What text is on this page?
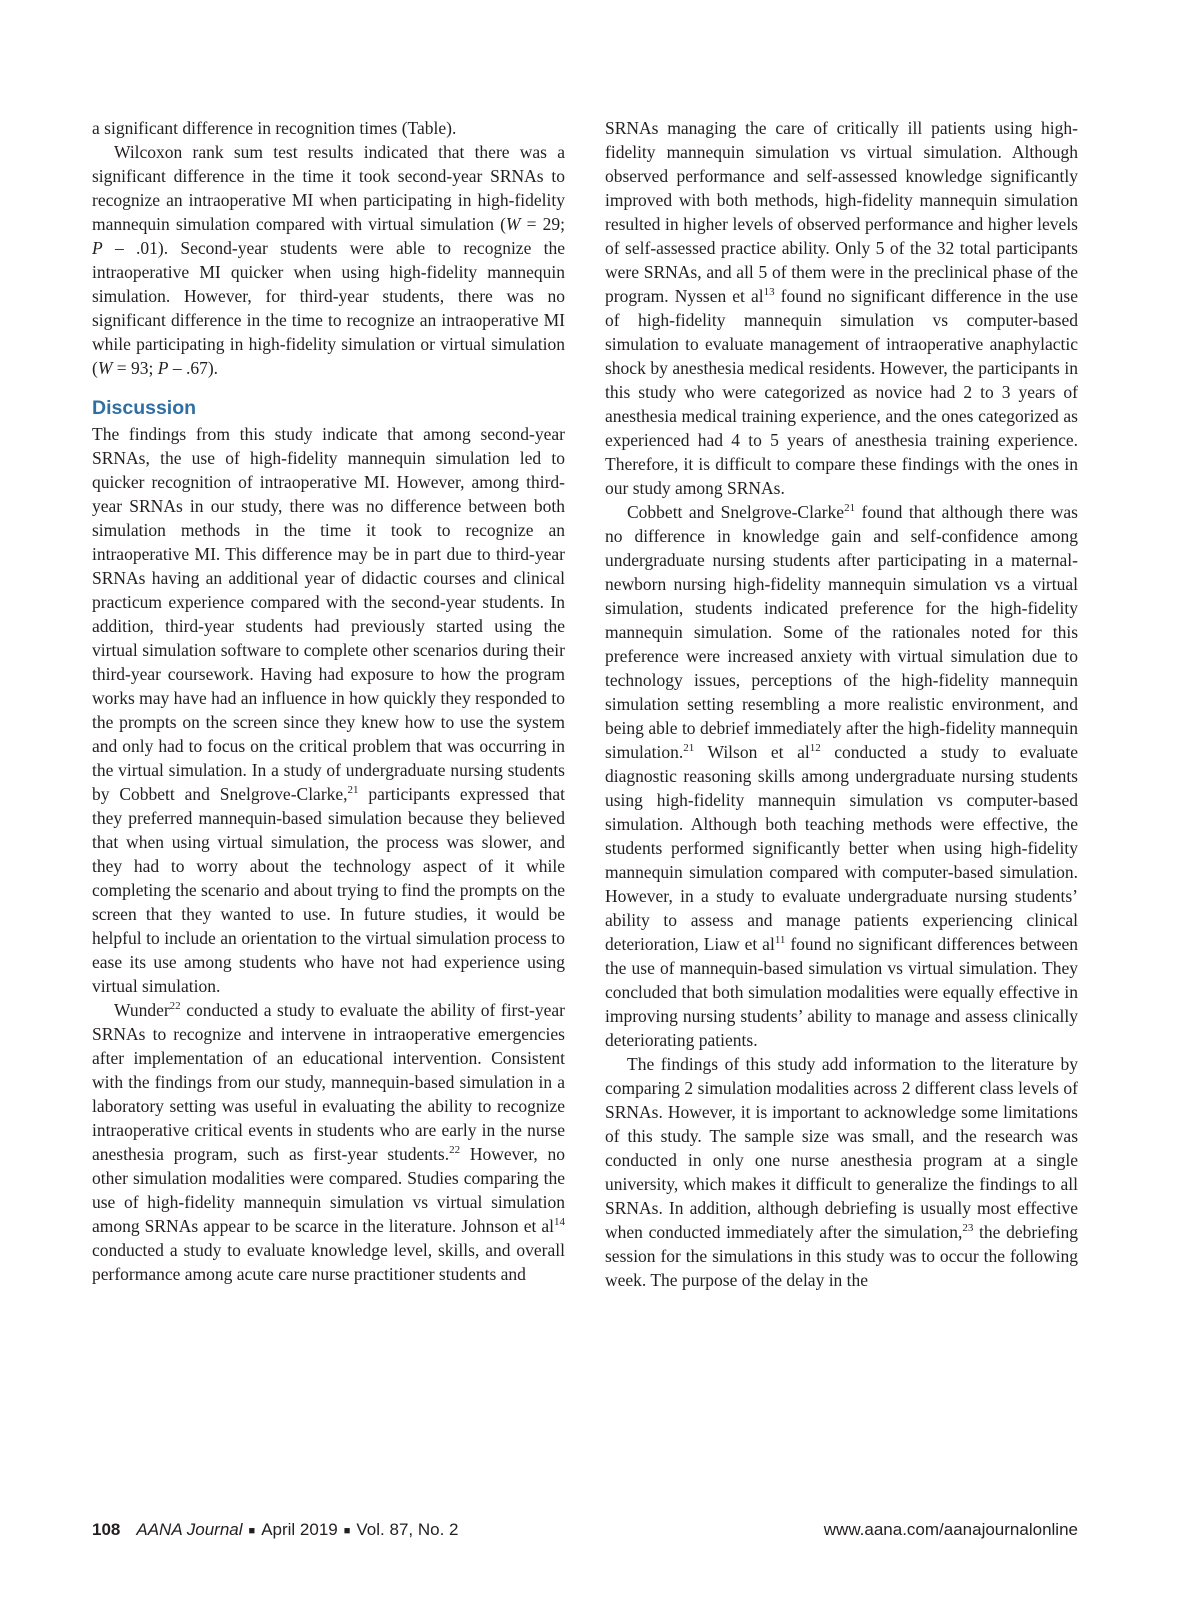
a significant difference in recognition times (Table).

Wilcoxon rank sum test results indicated that there was a significant difference in the time it took second-year SRNAs to recognize an intraoperative MI when participating in high-fidelity mannequin simulation compared with virtual simulation (W = 29; P – .01). Second-year students were able to recognize the intraoperative MI quicker when using high-fidelity mannequin simulation. However, for third-year students, there was no significant difference in the time to recognize an intraoperative MI while participating in high-fidelity simulation or virtual simulation (W = 93; P – .67).

Discussion

The findings from this study indicate that among second-year SRNAs, the use of high-fidelity mannequin simulation led to quicker recognition of intraoperative MI. However, among third-year SRNAs in our study, there was no difference between both simulation methods in the time it took to recognize an intraoperative MI. This difference may be in part due to third-year SRNAs having an additional year of didactic courses and clinical practicum experience compared with the second-year students. In addition, third-year students had previously started using the virtual simulation software to complete other scenarios during their third-year coursework. Having had exposure to how the program works may have had an influence in how quickly they responded to the prompts on the screen since they knew how to use the system and only had to focus on the critical problem that was occurring in the virtual simulation. In a study of undergraduate nursing students by Cobbett and Snelgrove-Clarke,$^{21}$ participants expressed that they preferred mannequin-based simulation because they believed that when using virtual simulation, the process was slower, and they had to worry about the technology aspect of it while completing the scenario and about trying to find the prompts on the screen that they wanted to use. In future studies, it would be helpful to include an orientation to the virtual simulation process to ease its use among students who have not had experience using virtual simulation.

Wunder$^{22}$ conducted a study to evaluate the ability of first-year SRNAs to recognize and intervene in intraoperative emergencies after implementation of an educational intervention. Consistent with the findings from our study, mannequin-based simulation in a laboratory setting was useful in evaluating the ability to recognize intraoperative critical events in students who are early in the nurse anesthesia program, such as first-year students.$^{22}$ However, no other simulation modalities were compared. Studies comparing the use of high-fidelity mannequin simulation vs virtual simulation among SRNAs appear to be scarce in the literature. Johnson et al$^{14}$ conducted a study to evaluate knowledge level, skills, and overall performance among acute care nurse practitioner students and

SRNAs managing the care of critically ill patients using high-fidelity mannequin simulation vs virtual simulation. Although observed performance and self-assessed knowledge significantly improved with both methods, high-fidelity mannequin simulation resulted in higher levels of observed performance and higher levels of self-assessed practice ability. Only 5 of the 32 total participants were SRNAs, and all 5 of them were in the preclinical phase of the program. Nyssen et al$^{13}$ found no significant difference in the use of high-fidelity mannequin simulation vs computer-based simulation to evaluate management of intraoperative anaphylactic shock by anesthesia medical residents. However, the participants in this study who were categorized as novice had 2 to 3 years of anesthesia medical training experience, and the ones categorized as experienced had 4 to 5 years of anesthesia training experience. Therefore, it is difficult to compare these findings with the ones in our study among SRNAs.

Cobbett and Snelgrove-Clarke$^{21}$ found that although there was no difference in knowledge gain and self-confidence among undergraduate nursing students after participating in a maternal-newborn nursing high-fidelity mannequin simulation vs a virtual simulation, students indicated preference for the high-fidelity mannequin simulation. Some of the rationales noted for this preference were increased anxiety with virtual simulation due to technology issues, perceptions of the high-fidelity mannequin simulation setting resembling a more realistic environment, and being able to debrief immediately after the high-fidelity mannequin simulation.$^{21}$ Wilson et al$^{12}$ conducted a study to evaluate diagnostic reasoning skills among undergraduate nursing students using high-fidelity mannequin simulation vs computer-based simulation. Although both teaching methods were effective, the students performed significantly better when using high-fidelity mannequin simulation compared with computer-based simulation. However, in a study to evaluate undergraduate nursing students’ ability to assess and manage patients experiencing clinical deterioration, Liaw et al$^{11}$ found no significant differences between the use of mannequin-based simulation vs virtual simulation. They concluded that both simulation modalities were equally effective in improving nursing students’ ability to manage and assess clinically deteriorating patients.

The findings of this study add information to the literature by comparing 2 simulation modalities across 2 different class levels of SRNAs. However, it is important to acknowledge some limitations of this study. The sample size was small, and the research was conducted in only one nurse anesthesia program at a single university, which makes it difficult to generalize the findings to all SRNAs. In addition, although debriefing is usually most effective when conducted immediately after the simulation,$^{23}$ the debriefing session for the simulations in this study was to occur the following week. The purpose of the delay in the

108 AANA Journal ■ April 2019 ■ Vol. 87, No. 2	www.aana.com/aanajournalonline
